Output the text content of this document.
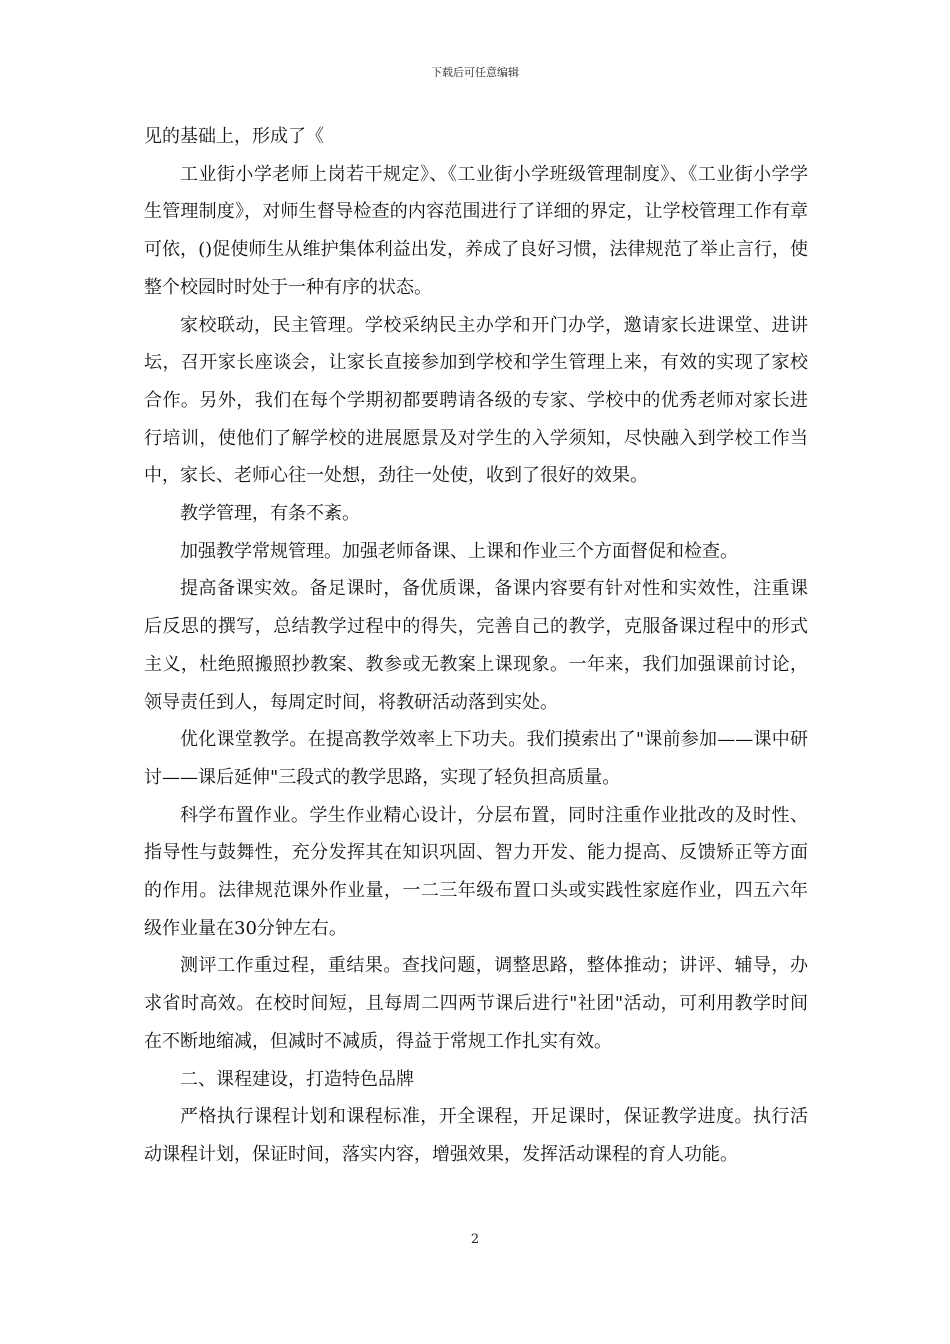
下载后可任意编辑

见的基础上，形成了《

工业街小学老师上岗若干规定》、《工业街小学班级管理制度》、《工业街小学学生管理制度》，对师生督导检查的内容范围进行了详细的界定，让学校管理工作有章可依，()促使师生从维护集体利益出发，养成了良好习惯，法律规范了举止言行，使整个校园时时处于一种有序的状态。

家校联动，民主管理。学校采纳民主办学和开门办学，邀请家长进课堂、进讲坛，召开家长座谈会，让家长直接参加到学校和学生管理上来，有效的实现了家校合作。另外，我们在每个学期初都要聘请各级的专家、学校中的优秀老师对家长进行培训，使他们了解学校的进展愿景及对学生的入学须知，尽快融入到学校工作当中，家长、老师心往一处想，劲往一处使，收到了很好的效果。

教学管理，有条不紊。

加强教学常规管理。加强老师备课、上课和作业三个方面督促和检查。

提高备课实效。备足课时，备优质课，备课内容要有针对性和实效性，注重课后反思的撰写，总结教学过程中的得失，完善自己的教学，克服备课过程中的形式主义，杜绝照搬照抄教案、教参或无教案上课现象。一年来，我们加强课前讨论，领导责任到人，每周定时间，将教研活动落到实处。

优化课堂教学。在提高教学效率上下功夫。我们摸索出了"课前参加——课中研讨——课后延伸"三段式的教学思路，实现了轻负担高质量。

科学布置作业。学生作业精心设计，分层布置，同时注重作业批改的及时性、指导性与鼓舞性，充分发挥其在知识巩固、智力开发、能力提高、反馈矫正等方面的作用。法律规范课外作业量，一二三年级布置口头或实践性家庭作业，四五六年级作业量在30分钟左右。

测评工作重过程，重结果。查找问题，调整思路，整体推动；讲评、辅导，办求省时高效。在校时间短，且每周二四两节课后进行"社团"活动，可利用教学时间在不断地缩减，但减时不减质，得益于常规工作扎实有效。

二、课程建设，打造特色品牌

严格执行课程计划和课程标准，开全课程，开足课时，保证教学进度。执行活动课程计划，保证时间，落实内容，增强效果，发挥活动课程的育人功能。

2
